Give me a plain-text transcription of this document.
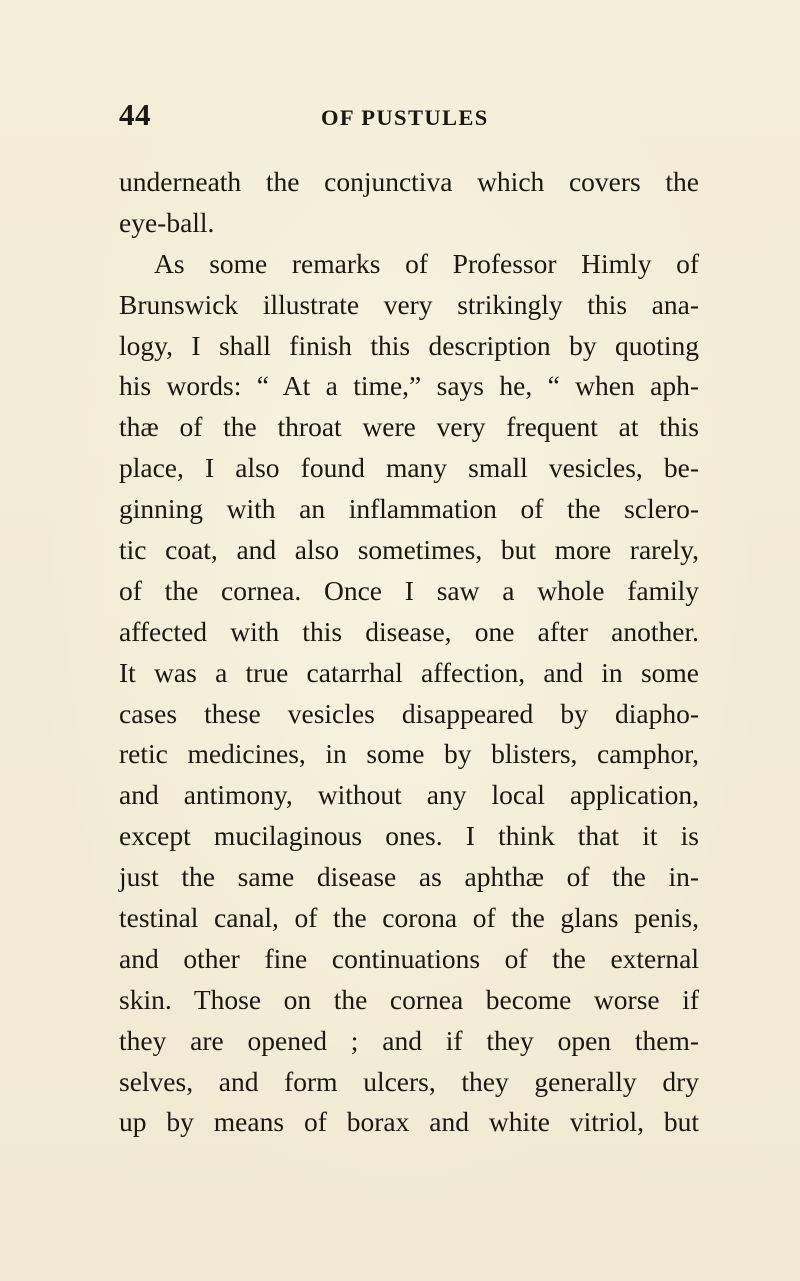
44	OF PUSTULES
underneath the conjunctiva which covers the
eye-ball.
As some remarks of Professor Himly of
Brunswick illustrate very strikingly this ana-
logy, I shall finish this description by quoting
his words: “ At a time,” says he, “ when aph-
thæ of the throat were very frequent at this
place, I also found many small vesicles, be-
ginning with an inflammation of the sclero-
tic coat, and also sometimes, but more rarely,
of the cornea. Once I saw a whole family
affected with this disease, one after another.
It was a true catarrhal affection, and in some
cases these vesicles disappeared by diapho-
retic medicines, in some by blisters, camphor,
and antimony, without any local application,
except mucilaginous ones. I think that it is
just the same disease as aphthæ of the in-
testinal canal, of the corona of the glans penis,
and other fine continuations of the external
skin. Those on the cornea become worse if
they are opened ; and if they open them-
selves, and form ulcers, they generally dry
up by means of borax and white vitriol, but
